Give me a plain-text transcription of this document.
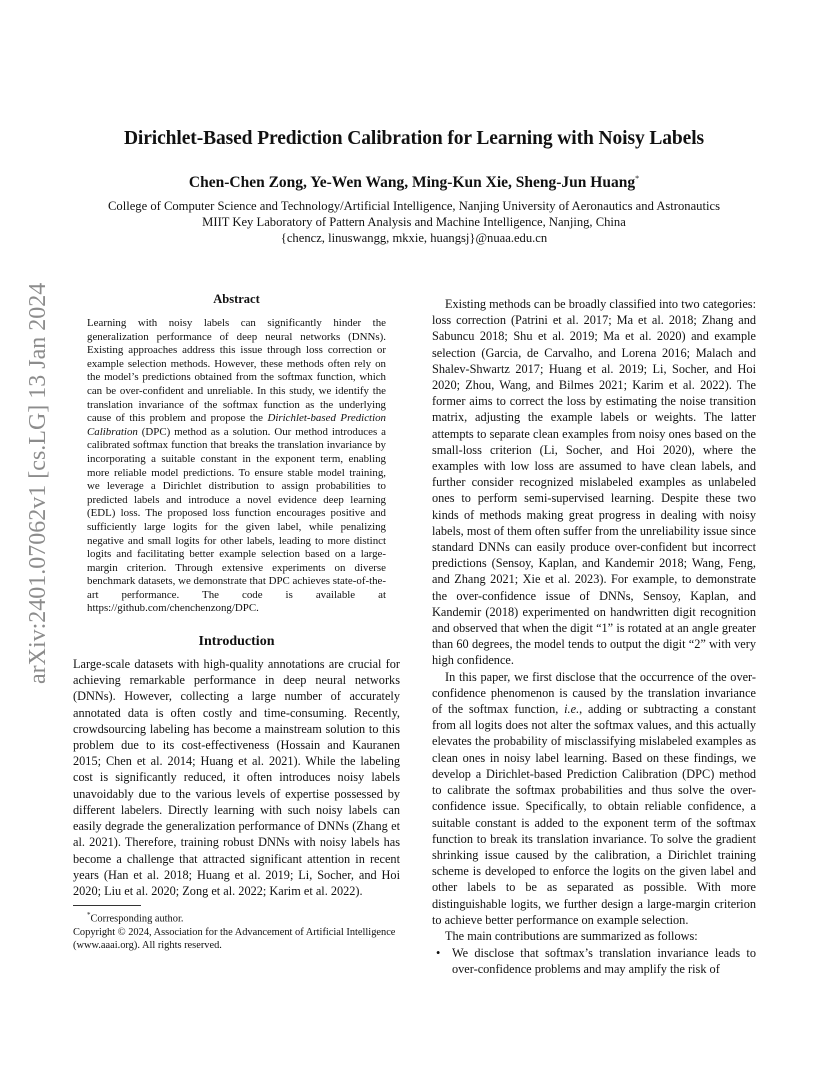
arXiv:2401.07062v1 [cs.LG] 13 Jan 2024
Dirichlet-Based Prediction Calibration for Learning with Noisy Labels
Chen-Chen Zong, Ye-Wen Wang, Ming-Kun Xie, Sheng-Jun Huang*
College of Computer Science and Technology/Artificial Intelligence, Nanjing University of Aeronautics and Astronautics
MIIT Key Laboratory of Pattern Analysis and Machine Intelligence, Nanjing, China
{chencz, linuswangg, mkxie, huangsj}@nuaa.edu.cn
Abstract
Learning with noisy labels can significantly hinder the generalization performance of deep neural networks (DNNs). Existing approaches address this issue through loss correction or example selection methods. However, these methods often rely on the model’s predictions obtained from the softmax function, which can be over-confident and unreliable. In this study, we identify the translation invariance of the softmax function as the underlying cause of this problem and propose the Dirichlet-based Prediction Calibration (DPC) method as a solution. Our method introduces a calibrated softmax function that breaks the translation invariance by incorporating a suitable constant in the exponent term, enabling more reliable model predictions. To ensure stable model training, we leverage a Dirichlet distribution to assign probabilities to predicted labels and introduce a novel evidence deep learning (EDL) loss. The proposed loss function encourages positive and sufficiently large logits for the given label, while penalizing negative and small logits for other labels, leading to more distinct logits and facilitating better example selection based on a large-margin criterion. Through extensive experiments on diverse benchmark datasets, we demonstrate that DPC achieves state-of-the-art performance. The code is available at https://github.com/chenchenzong/DPC.
Introduction

Large-scale datasets with high-quality annotations are crucial for achieving remarkable performance in deep neural networks (DNNs). However, collecting a large number of accurately annotated data is often costly and time-consuming. Recently, crowdsourcing labeling has become a mainstream solution to this problem due to its cost-effectiveness (Hossain and Kauranen 2015; Chen et al. 2014; Huang et al. 2021). While the labeling cost is significantly reduced, it often introduces noisy labels unavoidably due to the various levels of expertise possessed by different labelers. Directly learning with such noisy labels can easily degrade the generalization performance of DNNs (Zhang et al. 2021). Therefore, training robust DNNs with noisy labels has become a challenge that attracted significant attention in recent years (Han et al. 2018; Huang et al. 2019; Li, Socher, and Hoi 2020; Liu et al. 2020; Zong et al. 2022; Karim et al. 2022).

*Corresponding author.
Copyright © 2024, Association for the Advancement of Artificial Intelligence (www.aaai.org). All rights reserved.

Existing methods can be broadly classified into two categories: loss correction (Patrini et al. 2017; Ma et al. 2018; Zhang and Sabuncu 2018; Shu et al. 2019; Ma et al. 2020) and example selection (Garcia, de Carvalho, and Lorena 2016; Malach and Shalev-Shwartz 2017; Huang et al. 2019; Li, Socher, and Hoi 2020; Zhou, Wang, and Bilmes 2021; Karim et al. 2022). The former aims to correct the loss by estimating the noise transition matrix, adjusting the example labels or weights. The latter attempts to separate clean examples from noisy ones based on the small-loss criterion (Li, Socher, and Hoi 2020), where the examples with low loss are assumed to have clean labels, and further consider recognized mislabeled examples as unlabeled ones to perform semi-supervised learning. Despite these two kinds of methods making great progress in dealing with noisy labels, most of them often suffer from the unreliability issue since standard DNNs can easily produce over-confident but incorrect predictions (Sensoy, Kaplan, and Kandemir 2018; Wang, Feng, and Zhang 2021; Xie et al. 2023). For example, to demonstrate the over-confidence issue of DNNs, Sensoy, Kaplan, and Kandemir (2018) experimented on handwritten digit recognition and observed that when the digit “1” is rotated at an angle greater than 60 degrees, the model tends to output the digit “2” with very high confidence.

In this paper, we first disclose that the occurrence of the over-confidence phenomenon is caused by the translation invariance of the softmax function, i.e., adding or subtracting a constant from all logits does not alter the softmax values, and this actually elevates the probability of misclassifying mislabeled examples as clean ones in noisy label learning. Based on these findings, we develop a Dirichlet-based Prediction Calibration (DPC) method to calibrate the softmax probabilities and thus solve the over-confidence issue. Specifically, to obtain reliable confidence, a suitable constant is added to the exponent term of the softmax function to break its translation invariance. To solve the gradient shrinking issue caused by the calibration, a Dirichlet training scheme is developed to enforce the logits on the given label and other labels to be as separated as possible. With more distinguishable logits, we further design a large-margin criterion to achieve better performance on example selection.

The main contributions are summarized as follows:

• We disclose that softmax’s translation invariance leads to over-confidence problems and may amplify the risk of
